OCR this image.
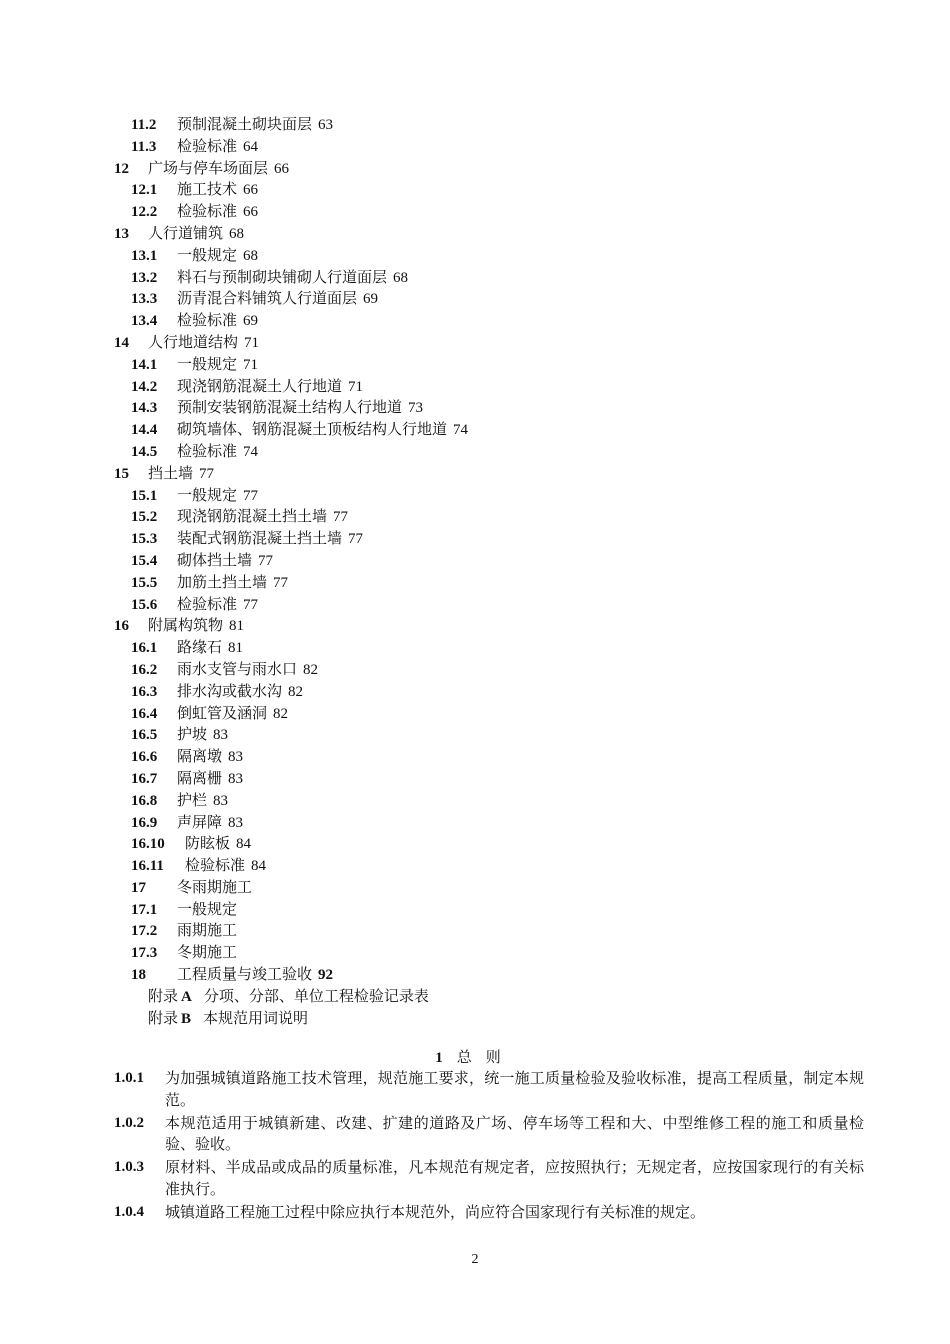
11.2 预制混凝土砌块面层 63
11.3 检验标准 64
12 广场与停车场面层 66
12.1 施工技术 66
12.2 检验标准 66
13 人行道铺筑 68
13.1 一般规定 68
13.2 料石与预制砌块铺砌人行道面层 68
13.3 沥青混合料铺筑人行道面层 69
13.4 检验标准 69
14 人行地道结构 71
14.1 一般规定 71
14.2 现浇钢筋混凝土人行地道 71
14.3 预制安装钢筋混凝土结构人行地道 73
14.4 砌筑墙体、钢筋混凝土顶板结构人行地道 74
14.5 检验标准 74
15 挡土墙 77
15.1 一般规定 77
15.2 现浇钢筋混凝土挡土墙 77
15.3 装配式钢筋混凝土挡土墙 77
15.4 砌体挡土墙 77
15.5 加筋土挡土墙 77
15.6 检验标准 77
16 附属构筑物 81
16.1 路缘石 81
16.2 雨水支管与雨水口 82
16.3 排水沟或截水沟 82
16.4 倒虹管及涵洞 82
16.5 护坡 83
16.6 隔离墩 83
16.7 隔离栅 83
16.8 护栏 83
16.9 声屏障 83
16.10 防眩板 84
16.11 检验标准 84
17 冬雨期施工
17.1 一般规定
17.2 雨期施工
17.3 冬期施工
18 工程质量与竣工验收 92
附录 A 分项、分部、单位工程检验记录表
附录 B 本规范用词说明
1 总则
1.0.1	为加强城镇道路施工技术管理，规范施工要求，统一施工质量检验及验收标准，提高工程质量，制定本规范。
1.0.2	本规范适用于城镇新建、改建、扩建的道路及广场、停车场等工程和大、中型维修工程的施工和质量检验、验收。
1.0.3	原材料、半成品或成品的质量标准，凡本规范有规定者，应按照执行；无规定者，应按国家现行的有关标准执行。
1.0.4	城镇道路工程施工过程中除应执行本规范外，尚应符合国家现行有关标准的规定。
2
